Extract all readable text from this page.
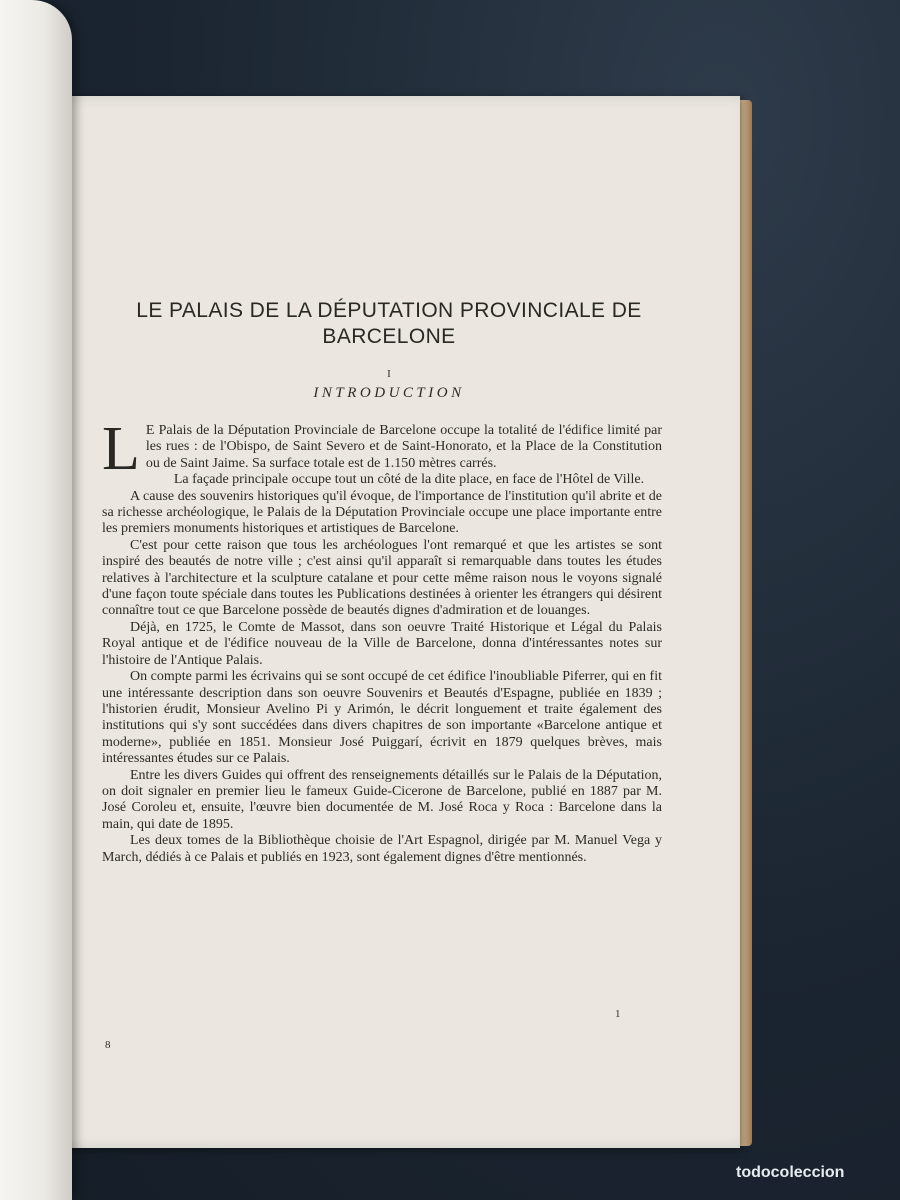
LE PALAIS DE LA DÉPUTATION PROVINCIALE DE
BARCELONE
I
INTRODUCTION

L E Palais de la Députation Provinciale de Barcelone occupe la totalité de l'édifice limité par les rues : de l'Obispo, de Saint Severo et de Saint-Honorato, et la Place de la Constitution ou de Saint Jaime. Sa surface totale est de 1.150 mètres carrés.

La façade principale occupe tout un côté de la dite place, en face de l'Hôtel de Ville.

A cause des souvenirs historiques qu'il évoque, de l'importance de l'institution qu'il abrite et de sa richesse archéologique, le Palais de la Députation Provinciale occupe une place importante entre les premiers monuments historiques et artistiques de Barcelone.

C'est pour cette raison que tous les archéologues l'ont remarqué et que les artistes se sont inspiré des beautés de notre ville ; c'est ainsi qu'il apparaît si remarquable dans toutes les études relatives à l'architecture et la sculpture catalane et pour cette même raison nous le voyons signalé d'une façon toute spéciale dans toutes les Publications destinées à orienter les étrangers qui désirent connaître tout ce que Barcelone possède de beautés dignes d'admiration et de louanges.

Déjà, en 1725, le Comte de Massot, dans son oeuvre Traité Historique et Légal du Palais Royal antique et de l'édifice nouveau de la Ville de Barcelone, donna d'intéressantes notes sur l'histoire de l'Antique Palais.

On compte parmi les écrivains qui se sont occupé de cet édifice l'inoubliable Piferrer, qui en fit une intéressante description dans son oeuvre Souvenirs et Beautés d'Espagne, publiée en 1839 ; l'historien érudit, Monsieur Avelino Pi y Arimón, le décrit longuement et traite également des institutions qui s'y sont succédées dans divers chapitres de son importante «Barcelone antique et moderne», publiée en 1851. Monsieur José Puiggarí, écrivit en 1879 quelques brèves, mais intéressantes études sur ce Palais.

Entre les divers Guides qui offrent des renseignements détaillés sur le Palais de la Députation, on doit signaler en premier lieu le fameux Guide-Cicerone de Barcelone, publié en 1887 par M. José Coroleu et, ensuite, l'œuvre bien documentée de M. José Roca y Roca : Barcelone dans la main, qui date de 1895.

Les deux tomes de la Bibliothèque choisie de l'Art Espagnol, dirigée par M. Manuel Vega y March, dédiés à ce Palais et publiés en 1923, sont également dignes d'être mentionnés.

1
8
todocoleccion
